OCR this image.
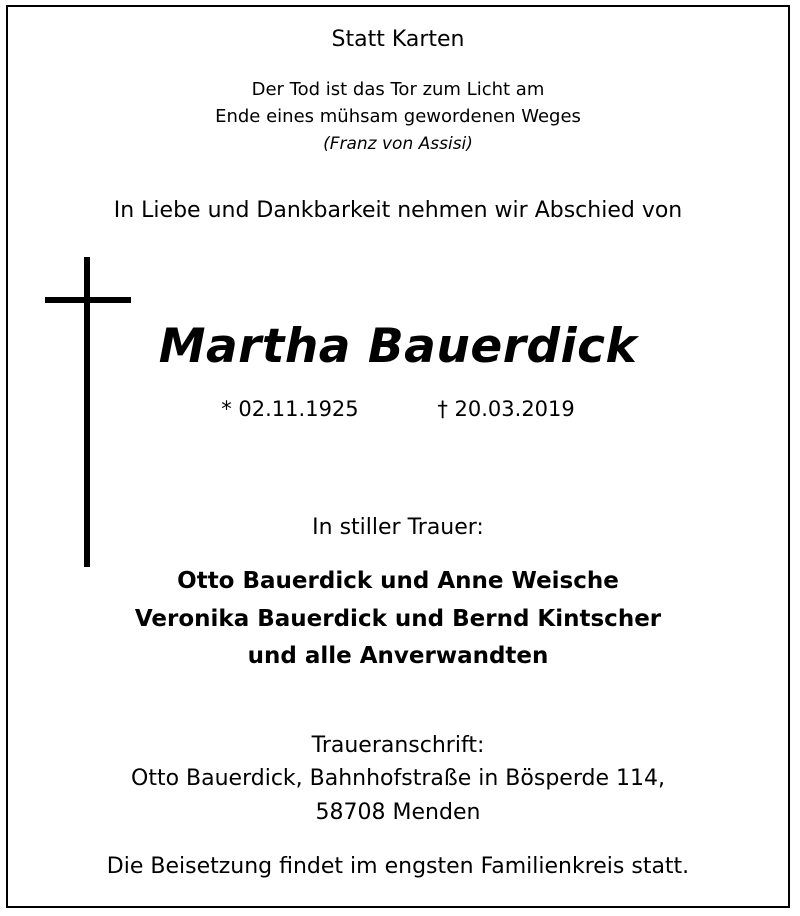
Statt Karten
Der Tod ist das Tor zum Licht am
Ende eines mühsam gewordenen Weges
(Franz von Assisi)
In Liebe und Dankbarkeit nehmen wir Abschied von
Martha Bauerdick
* 02.11.1925	† 20.03.2019
In stiller Trauer:
Otto Bauerdick und Anne Weische
Veronika Bauerdick und Bernd Kintscher
und alle Anverwandten
Traueranschrift:
Otto Bauerdick, Bahnhofstraße in Bösperde 114,
58708 Menden
Die Beisetzung findet im engsten Familienkreis statt.
